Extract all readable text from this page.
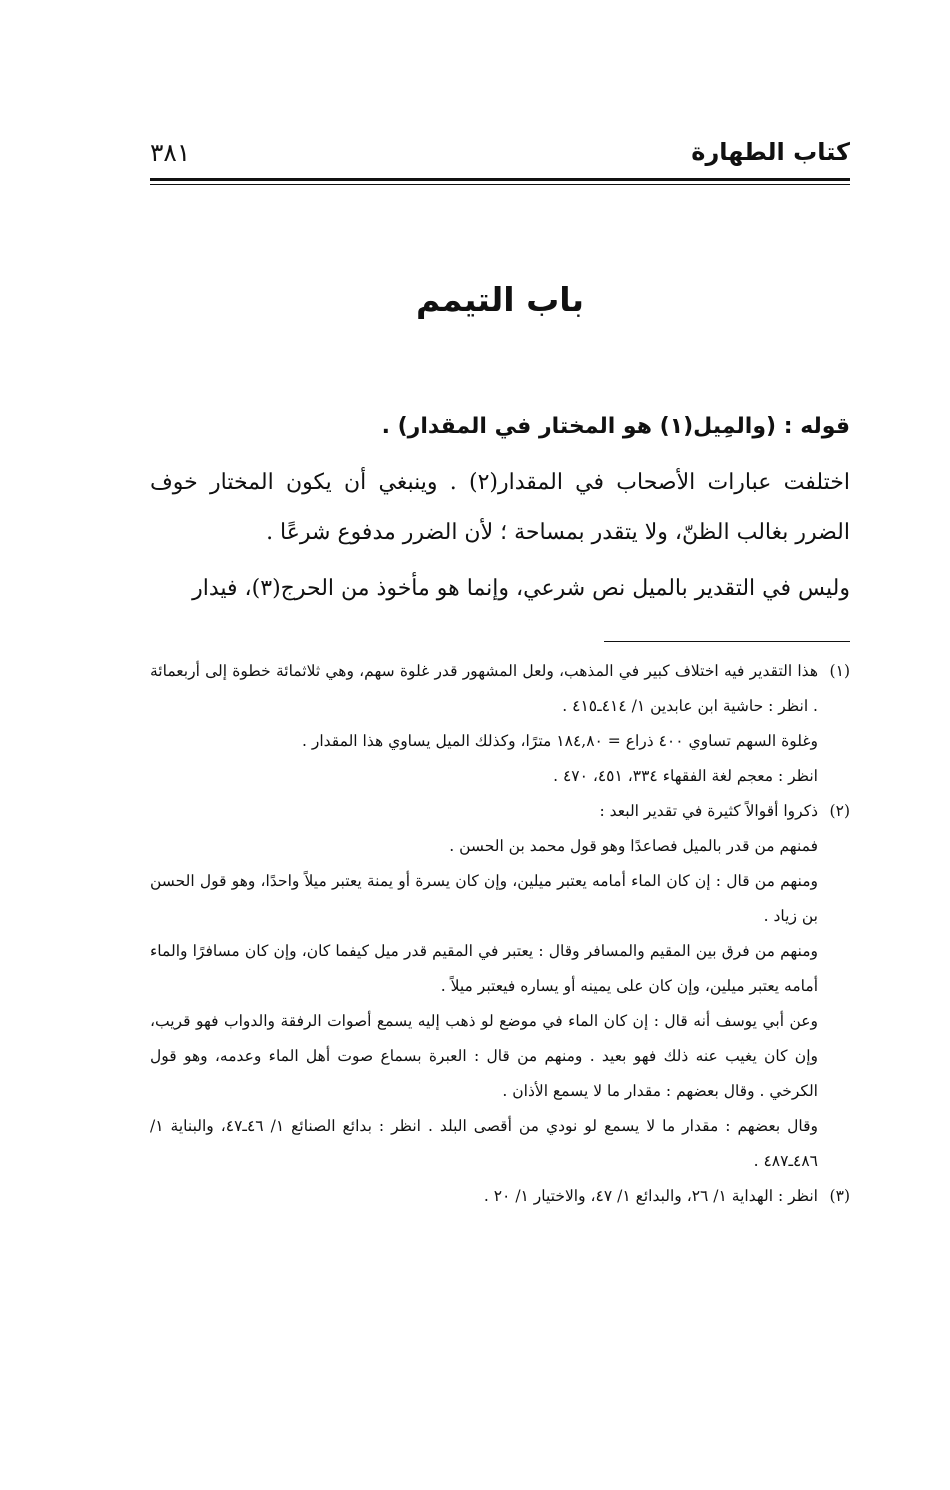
كتاب الطهارة
٣٨١
باب التيمم

قوله : (والمِيل(١) هو المختار في المقدار) .

اختلفت عبارات الأصحاب في المقدار(٢) . وينبغي أن يكون المختار خوف الضرر بغالب الظنّ، ولا يتقدر بمساحة ؛ لأن الضرر مدفوع شرعًا .

وليس في التقدير بالميل نص شرعي، وإنما هو مأخوذ من الحرج(٣)، فيدار

(١)

هذا التقدير فيه اختلاف كبير في المذهب، ولعل المشهور قدر غلوة سهم، وهي ثلاثمائة خطوة إلى أربعمائة . انظر : حاشية ابن عابدين ١/ ٤١٤ـ٤١٥ .

وغلوة السهم تساوي ٤٠٠ ذراع = ١٨٤,٨٠ مترًا، وكذلك الميل يساوي هذا المقدار .

انظر : معجم لغة الفقهاء ٣٣٤، ٤٥١، ٤٧٠ .

(٢)

ذكروا أقوالاً كثيرة في تقدير البعد :

فمنهم من قدر بالميل فصاعدًا وهو قول محمد بن الحسن .

ومنهم من قال : إن كان الماء أمامه يعتبر ميلين، وإن كان يسرة أو يمنة يعتبر ميلاً واحدًا، وهو قول الحسن بن زياد .

ومنهم من فرق بين المقيم والمسافر وقال : يعتبر في المقيم قدر ميل كيفما كان، وإن كان مسافرًا والماء أمامه يعتبر ميلين، وإن كان على يمينه أو يساره فيعتبر ميلاً .

وعن أبي يوسف أنه قال : إن كان الماء في موضع لو ذهب إليه يسمع أصوات الرفقة والدواب فهو قريب، وإن كان يغيب عنه ذلك فهو بعيد . ومنهم من قال : العبرة بسماع صوت أهل الماء وعدمه، وهو قول الكرخي . وقال بعضهم : مقدار ما لا يسمع الأذان .

وقال بعضهم : مقدار ما لا يسمع لو نودي من أقصى البلد . انظر : بدائع الصنائع ١/ ٤٦ـ٤٧، والبناية ١/ ٤٨٦ـ٤٨٧ .

(٣)

انظر : الهداية ١/ ٢٦، والبدائع ١/ ٤٧، والاختيار ١/ ٢٠ .
